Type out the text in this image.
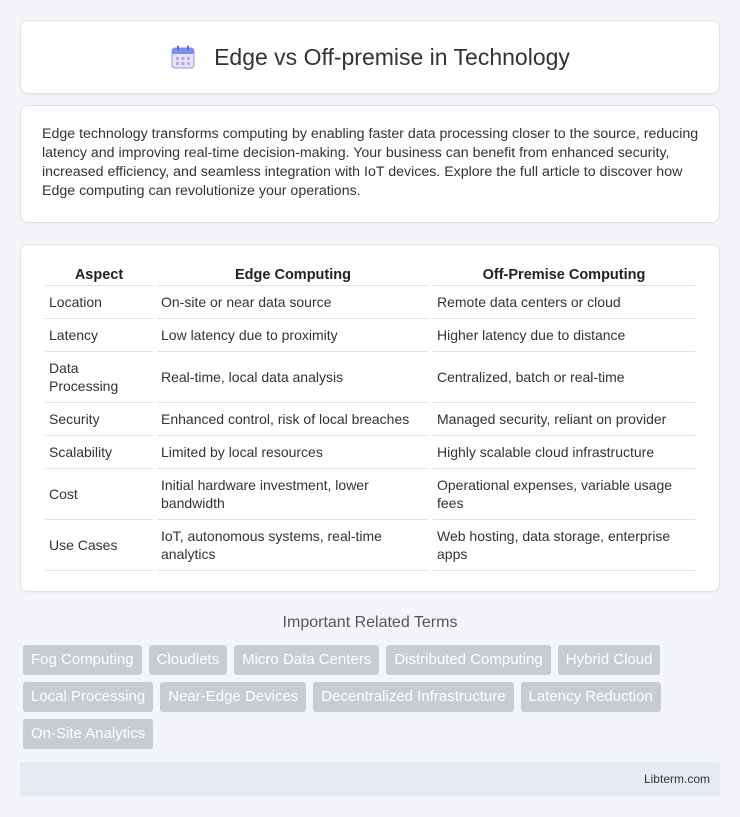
Edge vs Off-premise in Technology

Edge technology transforms computing by enabling faster data processing closer to the source, reducing latency and improving real-time decision-making. Your business can benefit from enhanced security, increased efficiency, and seamless integration with IoT devices. Explore the full article to discover how Edge computing can revolutionize your operations.

Aspect	Edge Computing	Off-Premise Computing
Location	On-site or near data source	Remote data centers or cloud
Latency	Low latency due to proximity	Higher latency due to distance
Data Processing	Real-time, local data analysis	Centralized, batch or real-time
Security	Enhanced control, risk of local breaches	Managed security, reliant on provider
Scalability	Limited by local resources	Highly scalable cloud infrastructure
Cost	Initial hardware investment, lower bandwidth	Operational expenses, variable usage fees
Use Cases	IoT, autonomous systems, real-time analytics	Web hosting, data storage, enterprise apps
Important Related Terms
Fog Computing	Cloudlets	Micro Data Centers	Distributed Computing	Hybrid Cloud
Local Processing	Near-Edge Devices	Decentralized Infrastructure	Latency Reduction
On-Site Analytics
Libterm.com
